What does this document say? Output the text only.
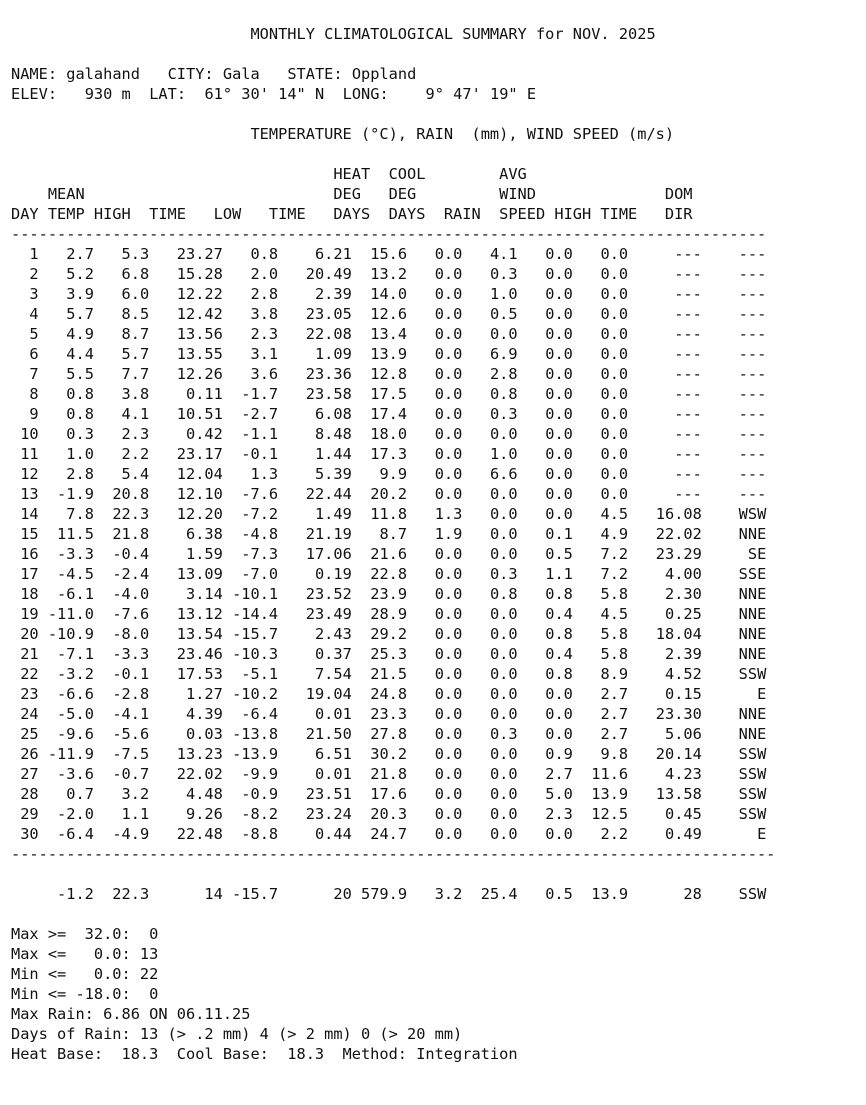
MONTHLY CLIMATOLOGICAL SUMMARY for NOV. 2025

NAME: galahand CITY: Gala STATE: Oppland
ELEV: 930 m LAT: 61° 30' 14" N LONG: 9° 47' 19" E

TEMPERATURE (°C), RAIN  (mm), WIND SPEED (m/s)

HEAT  COOL        AVG
MEAN                           DEG   DEG         WIND              DOM
DAY TEMP HIGH  TIME   LOW   TIME   DAYS  DAYS  RAIN  SPEED HIGH TIME   DIR
----------------------------------------------------------------------------------
1   2.7   5.3   23.27   0.8    6.21  15.6   0.0   4.1   0.0   0.0     ---    ---
2   5.2   6.8   15.28   2.0   20.49  13.2   0.0   0.3   0.0   0.0     ---    ---
3   3.9   6.0   12.22   2.8    2.39  14.0   0.0   1.0   0.0   0.0     ---    ---
4   5.7   8.5   12.42   3.8   23.05  12.6   0.0   0.5   0.0   0.0     ---    ---
5   4.9   8.7   13.56   2.3   22.08  13.4   0.0   0.0   0.0   0.0     ---    ---
6   4.4   5.7   13.55   3.1    1.09  13.9   0.0   6.9   0.0   0.0     ---    ---
7   5.5   7.7   12.26   3.6   23.36  12.8   0.0   2.8   0.0   0.0     ---    ---
8   0.8   3.8    0.11  -1.7   23.58  17.5   0.0   0.8   0.0   0.0     ---    ---
9   0.8   4.1   10.51  -2.7    6.08  17.4   0.0   0.3   0.0   0.0     ---    ---
10   0.3   2.3    0.42  -1.1    8.48  18.0   0.0   0.0   0.0   0.0     ---    ---
11   1.0   2.2   23.17  -0.1    1.44  17.3   0.0   1.0   0.0   0.0     ---    ---
12   2.8   5.4   12.04   1.3    5.39   9.9   0.0   6.6   0.0   0.0     ---    ---
13  -1.9  20.8   12.10  -7.6   22.44  20.2   0.0   0.0   0.0   0.0     ---    ---
14   7.8  22.3   12.20  -7.2    1.49  11.8   1.3   0.0   0.0   4.5   16.08    WSW
15  11.5  21.8    6.38  -4.8   21.19   8.7   1.9   0.0   0.1   4.9   22.02    NNE
16  -3.3  -0.4    1.59  -7.3   17.06  21.6   0.0   0.0   0.5   7.2   23.29     SE
17  -4.5  -2.4   13.09  -7.0    0.19  22.8   0.0   0.3   1.1   7.2    4.00    SSE
18  -6.1  -4.0    3.14 -10.1   23.52  23.9   0.0   0.8   0.8   5.8    2.30    NNE
19 -11.0  -7.6   13.12 -14.4   23.49  28.9   0.0   0.0   0.4   4.5    0.25    NNE
20 -10.9  -8.0   13.54 -15.7    2.43  29.2   0.0   0.0   0.8   5.8   18.04    NNE
21  -7.1  -3.3   23.46 -10.3    0.37  25.3   0.0   0.0   0.4   5.8    2.39    NNE
22  -3.2  -0.1   17.53  -5.1    7.54  21.5   0.0   0.0   0.8   8.9    4.52    SSW
23  -6.6  -2.8    1.27 -10.2   19.04  24.8   0.0   0.0   0.0   2.7    0.15      E
24  -5.0  -4.1    4.39  -6.4    0.01  23.3   0.0   0.0   0.0   2.7   23.30    NNE
25  -9.6  -5.6    0.03 -13.8   21.50  27.8   0.0   0.3   0.0   2.7    5.06    NNE
26 -11.9  -7.5   13.23 -13.9    6.51  30.2   0.0   0.0   0.9   9.8   20.14    SSW
27  -3.6  -0.7   22.02  -9.9    0.01  21.8   0.0   0.0   2.7  11.6    4.23    SSW
28   0.7   3.2    4.48  -0.9   23.51  17.6   0.0   0.0   5.0  13.9   13.58    SSW
29  -2.0   1.1    9.26  -8.2   23.24  20.3   0.0   0.0   2.3  12.5    0.45    SSW
30  -6.4  -4.9   22.48  -8.8    0.44  24.7   0.0   0.0   0.0   2.2    0.49      E
-----------------------------------------------------------------------------------

-1.2  22.3      14 -15.7      20 579.9   3.2  25.4   0.5  13.9      28    SSW

Max >=  32.0:  0
Max <=   0.0: 13
Min <=   0.0: 22
Min <= -18.0:  0
Max Rain: 6.86 ON 06.11.25
Days of Rain: 13 (> .2 mm) 4 (> 2 mm) 0 (> 20 mm)
Heat Base:  18.3  Cool Base:  18.3  Method: Integration
